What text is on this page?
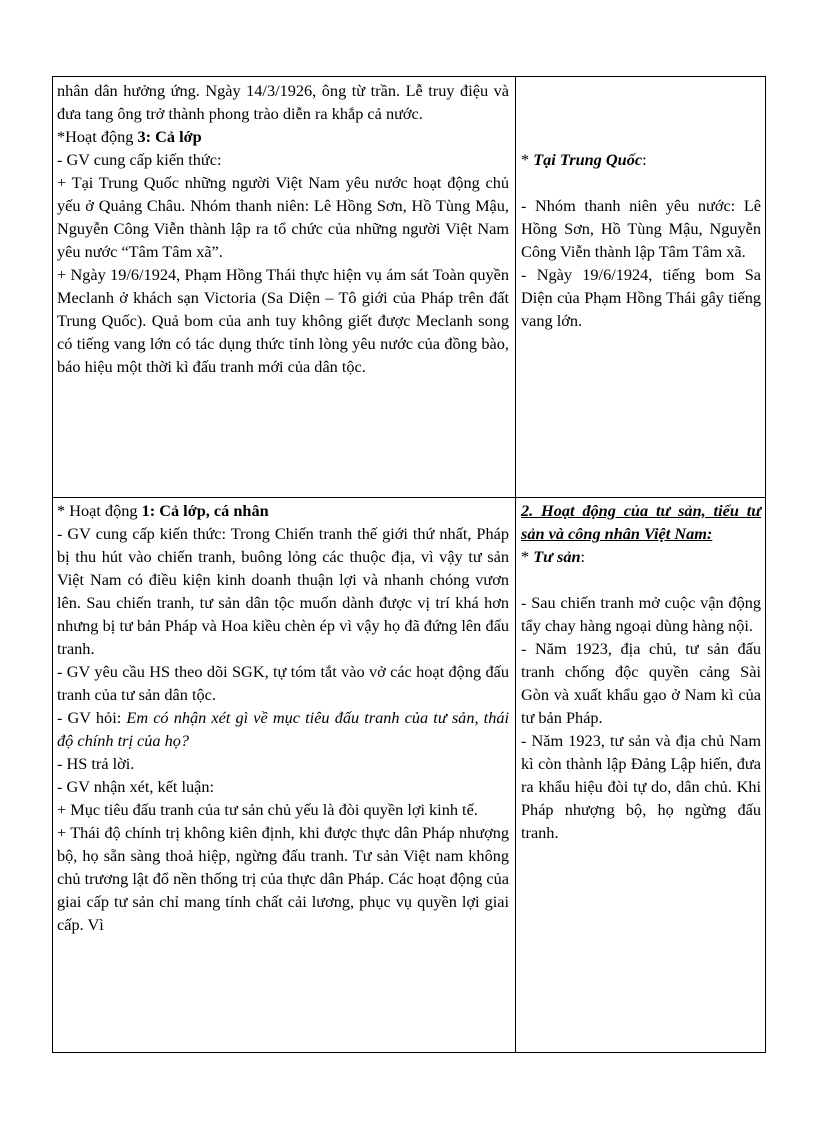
nhân dân hưởng ứng. Ngày 14/3/1926, ông từ trần. Lễ truy điệu và đưa tang ông trở thành phong trào diễn ra khắp cả nước.

*Hoạt động 3: Cả lớp

- GV cung cấp kiến thức:

+ Tại Trung Quốc những người Việt Nam yêu nước hoạt động chủ yếu ở Quảng Châu. Nhóm thanh niên: Lê Hồng Sơn, Hồ Tùng Mậu, Nguyễn Công Viễn thành lập ra tổ chức của những người Việt Nam yêu nước “Tâm Tâm xã”.

+ Ngày 19/6/1924, Phạm Hồng Thái thực hiện vụ ám sát Toàn quyền Meclanh ở khách sạn Victoria (Sa Diện – Tô giới của Pháp trên đất Trung Quốc). Quả bom của anh tuy không giết được Meclanh song có tiếng vang lớn có tác dụng thức tỉnh lòng yêu nước của đồng bào, báo hiệu một thời kì đấu tranh mới của dân tộc.

* Tại Trung Quốc:

- Nhóm thanh niên yêu nước: Lê Hồng Sơn, Hồ Tùng Mậu, Nguyễn Công Viễn thành lập Tâm Tâm xã.

- Ngày 19/6/1924, tiếng bom Sa Diện của Phạm Hồng Thái gây tiếng vang lớn.

* Hoạt động 1: Cả lớp, cá nhân

- GV cung cấp kiến thức: Trong Chiến tranh thế giới thứ nhất, Pháp bị thu hút vào chiến tranh, buông lỏng các thuộc địa, vì vậy tư sản Việt Nam có điều kiện kinh doanh thuận lợi và nhanh chóng vươn lên. Sau chiến tranh, tư sản dân tộc muốn dành được vị trí khá hơn nhưng bị tư bản Pháp và Hoa kiều chèn ép vì vậy họ đã đứng lên đấu tranh.

- GV yêu cầu HS theo dõi SGK, tự tóm tắt vào vở các hoạt động đấu tranh của tư sản dân tộc.

- GV hỏi: Em có nhận xét gì về mục tiêu đấu tranh của tư sản, thái độ chính trị của họ?

- HS trả lời.

- GV nhận xét, kết luận:

+ Mục tiêu đấu tranh của tư sản chủ yếu là đòi quyền lợi kinh tế.

+ Thái độ chính trị không kiên định, khi được thực dân Pháp nhượng bộ, họ sẵn sàng thoả hiệp, ngừng đấu tranh. Tư sản Việt nam không chủ trương lật đổ nền thống trị của thực dân Pháp. Các hoạt động của giai cấp tư sản chỉ mang tính chất cải lương, phục vụ quyền lợi giai cấp. Vì

2. Hoạt động của tư sản, tiểu tư sản và công nhân Việt Nam:

* Tư sản:

- Sau chiến tranh mở cuộc vận động tẩy chay hàng ngoại dùng hàng nội.

- Năm 1923, địa chủ, tư sản đấu tranh chống độc quyền cảng Sài Gòn và xuất khẩu gạo ở Nam kì của tư bản Pháp.

- Năm 1923, tư sản và địa chủ Nam kì còn thành lập Đảng Lập hiến, đưa ra khẩu hiệu đòi tự do, dân chủ. Khi Pháp nhượng bộ, họ ngừng đấu tranh.
